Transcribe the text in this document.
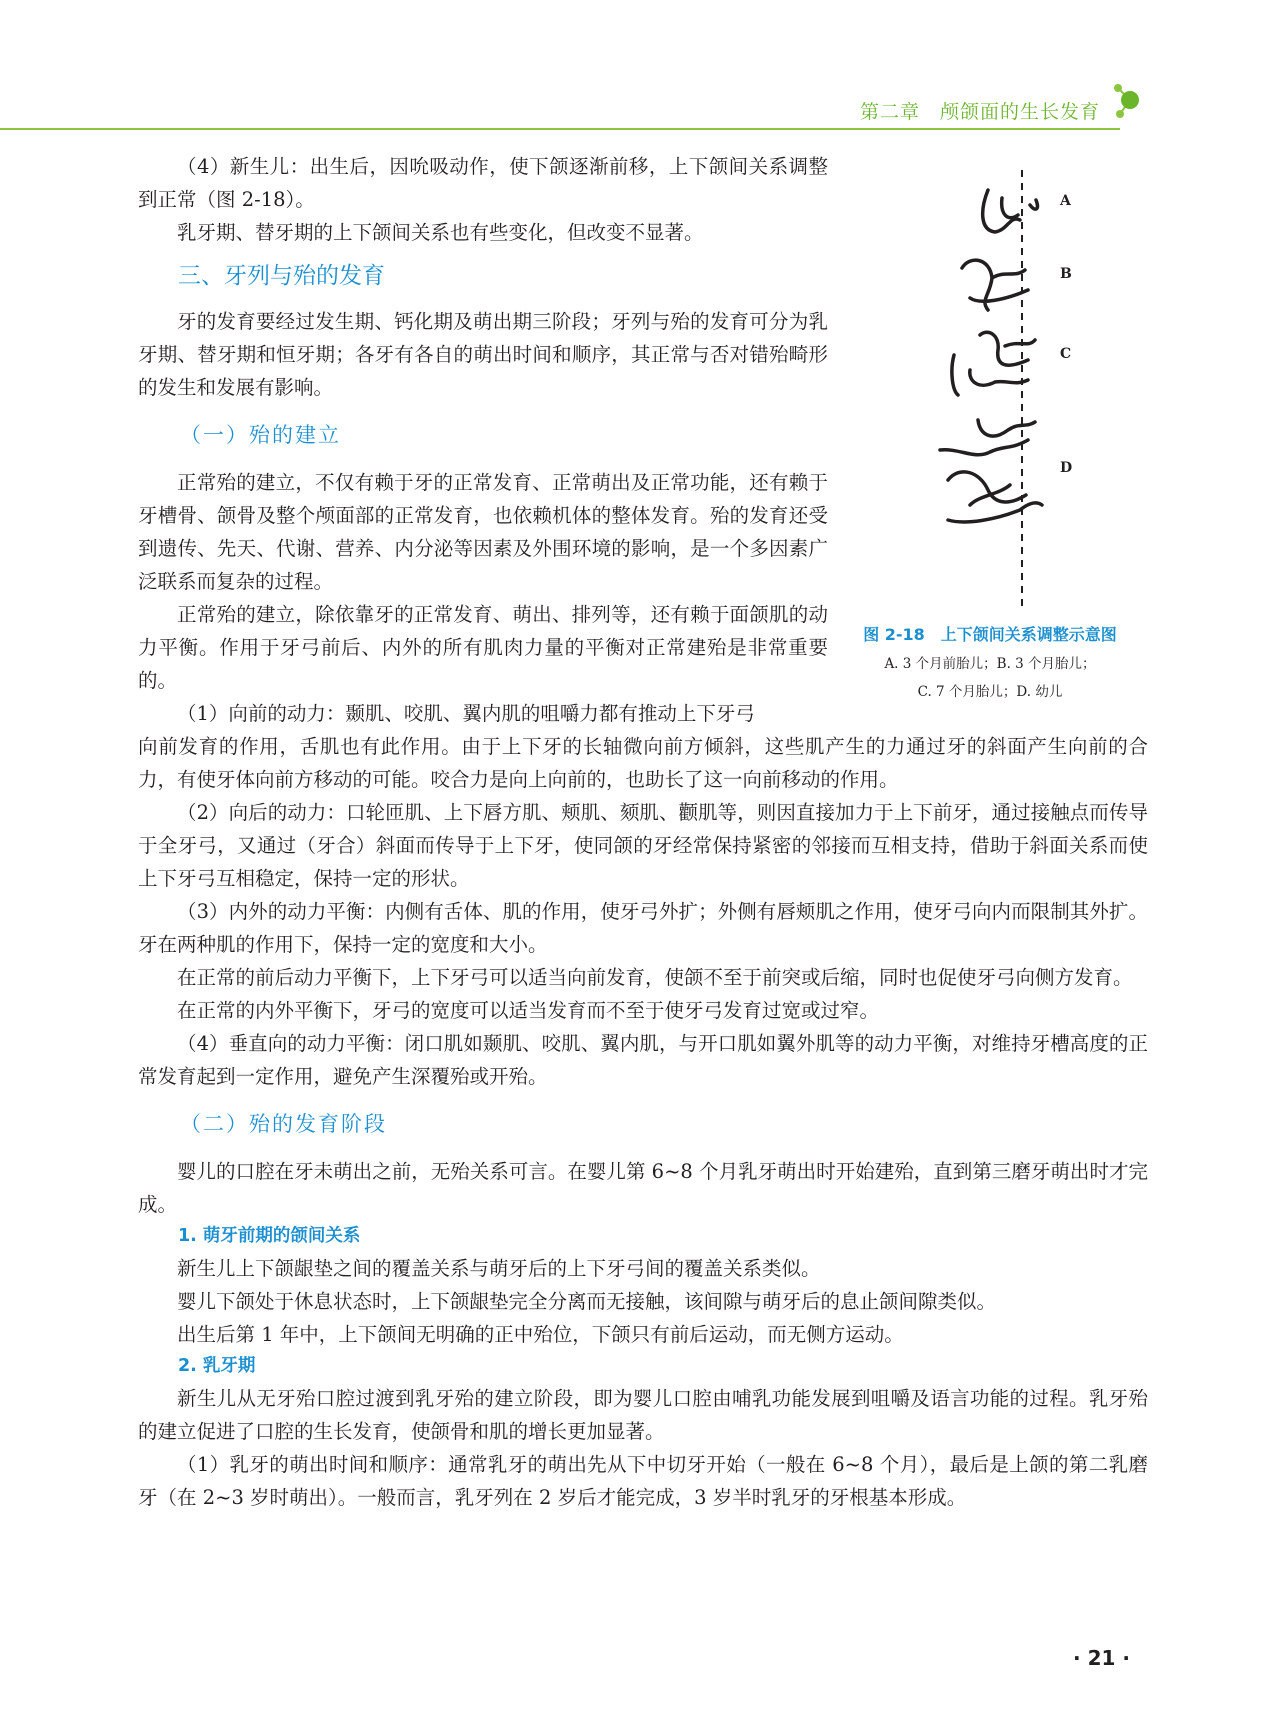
第二章　颅颌面的生长发育

（4）新生儿：出生后，因吮吸动作，使下颌逐渐前移，上下颌间关系调整到正常（图 2-18）。

乳牙期、替牙期的上下颌间关系也有些变化，但改变不显著。

三、牙列与殆的发育

牙的发育要经过发生期、钙化期及萌出期三阶段；牙列与殆的发育可分为乳牙期、替牙期和恒牙期；各牙有各自的萌出时间和顺序，其正常与否对错殆畸形的发生和发展有影响。

（一）殆的建立

正常殆的建立，不仅有赖于牙的正常发育、正常萌出及正常功能，还有赖于牙槽骨、颌骨及整个颅面部的正常发育，也依赖机体的整体发育。殆的发育还受到遗传、先天、代谢、营养、内分泌等因素及外围环境的影响，是一个多因素广泛联系而复杂的过程。

正常殆的建立，除依靠牙的正常发育、萌出、排列等，还有赖于面颌肌的动力平衡。作用于牙弓前后、内外的所有肌肉力量的平衡对正常建殆是非常重要的。

（1）向前的动力：颞肌、咬肌、翼内肌的咀嚼力都有推动上下牙弓

向前发育的作用，舌肌也有此作用。由于上下牙的长轴微向前方倾斜，这些肌产生的力通过牙的斜面产生向前的合力，有使牙体向前方移动的可能。咬合力是向上向前的，也助长了这一向前移动的作用。

（2）向后的动力：口轮匝肌、上下唇方肌、颊肌、颏肌、颧肌等，则因直接加力于上下前牙，通过接触点而传导于全牙弓，又通过（牙合）斜面而传导于上下牙，使同颌的牙经常保持紧密的邻接而互相支持，借助于斜面关系而使上下牙弓互相稳定，保持一定的形状。

（3）内外的动力平衡：内侧有舌体、肌的作用，使牙弓外扩；外侧有唇颊肌之作用，使牙弓向内而限制其外扩。牙在两种肌的作用下，保持一定的宽度和大小。

在正常的前后动力平衡下，上下牙弓可以适当向前发育，使颌不至于前突或后缩，同时也促使牙弓向侧方发育。

在正常的内外平衡下，牙弓的宽度可以适当发育而不至于使牙弓发育过宽或过窄。

（4）垂直向的动力平衡：闭口肌如颞肌、咬肌、翼内肌，与开口肌如翼外肌等的动力平衡，对维持牙槽高度的正常发育起到一定作用，避免产生深覆殆或开殆。

（二）殆的发育阶段

婴儿的口腔在牙未萌出之前，无殆关系可言。在婴儿第 6~8 个月乳牙萌出时开始建殆，直到第三磨牙萌出时才完成。

1. 萌牙前期的颌间关系

新生儿上下颌龈垫之间的覆盖关系与萌牙后的上下牙弓间的覆盖关系类似。

婴儿下颌处于休息状态时，上下颌龈垫完全分离而无接触，该间隙与萌牙后的息止颌间隙类似。

出生后第 1 年中，上下颌间无明确的正中殆位，下颌只有前后运动，而无侧方运动。

2. 乳牙期

新生儿从无牙殆口腔过渡到乳牙殆的建立阶段，即为婴儿口腔由哺乳功能发展到咀嚼及语言功能的过程。乳牙殆的建立促进了口腔的生长发育，使颌骨和肌的增长更加显著。

（1）乳牙的萌出时间和顺序：通常乳牙的萌出先从下中切牙开始（一般在 6~8 个月），最后是上颌的第二乳磨牙（在 2~3 岁时萌出）。一般而言，乳牙列在 2 岁后才能完成，3 岁半时乳牙的牙根基本形成。

A
B
C
D
图 2-18　上下颌间关系调整示意图
A. 3 个月前胎儿；B. 3 个月胎儿；
C. 7 个月胎儿；D. 幼儿
· 21 ·
